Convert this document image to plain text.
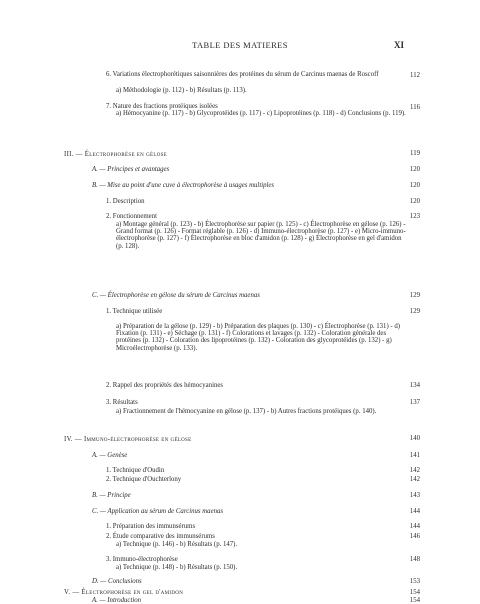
TABLE DES MATIERES	XI
6. Variations électrophorétiques saisonnières des protéines du sérum de Carcinus maenas de Roscoff	112
a) Méthodologie (p. 112) - b) Résultats (p. 113).
7. Nature des fractions protéiques isolées	116
a) Hémocyanine (p. 117) - b) Glycoprotéides (p. 117) - c) Lipoprotéines (p. 118) - d) Conclusions (p. 119).
III. — Électrophorèse en gélose	119
A. — Principes et avantages	120
B. — Mise au point d'une cuve à électrophorèse à usages multiples	120
1. Description	120
2. Fonctionnement	123
a) Montage général (p. 123) - b) Électrophorèse sur papier (p. 125) - c) Électrophorèse en gélose (p. 126) - Grand format (p. 126) - Format réglable (p. 126) - d) Immuno-électrophorèse (p. 127) - e) Micro-immuno-électrophorèse (p. 127) - f) Électrophorèse en bloc d'amidon (p. 128) - g) Électrophorèse en gel d'amidon (p. 128).
C. — Électrophorèse en gélose du sérum de Carcinus maenas	129
1. Technique utilisée	129
a) Préparation de la gélose (p. 129) - b) Préparation des plaques (p. 130) - c) Électrophorèse (p. 131) - d) Fixation (p. 131) - e) Séchage (p. 131) - f) Colorations et lavages (p. 132) - Coloration générale des protéines (p. 132) - Coloration des lipoprotéines (p. 132) - Coloration des glycoprotéides (p. 132) - g) Microélectrophorèse (p. 133).
2. Rappel des propriétés des hémocyanines	134
3. Résultats	137
a) Fractionnement de l'hémocyanine en gélose (p. 137) - b) Autres fractions protéiques (p. 140).
IV. — Immuno-électrophorèse en gélose	140
A. — Genèse	141
1. Technique d'Oudin	142
2. Technique d'Ouchterlony	142
B. — Principe	143
C. — Application au sérum de Carcinus maenas	144
1. Préparation des immunsérums	144
2. Étude comparative des immunsérums	146
a) Technique (p. 146) - b) Résultats (p. 147).
3. Immuno-électrophorèse	148
a) Technique (p. 148) - b) Résultats (p. 150).
D. — Conclusions	153
V. — Électrophorèse en gel d'amidon	154
A. — Introduction	154
